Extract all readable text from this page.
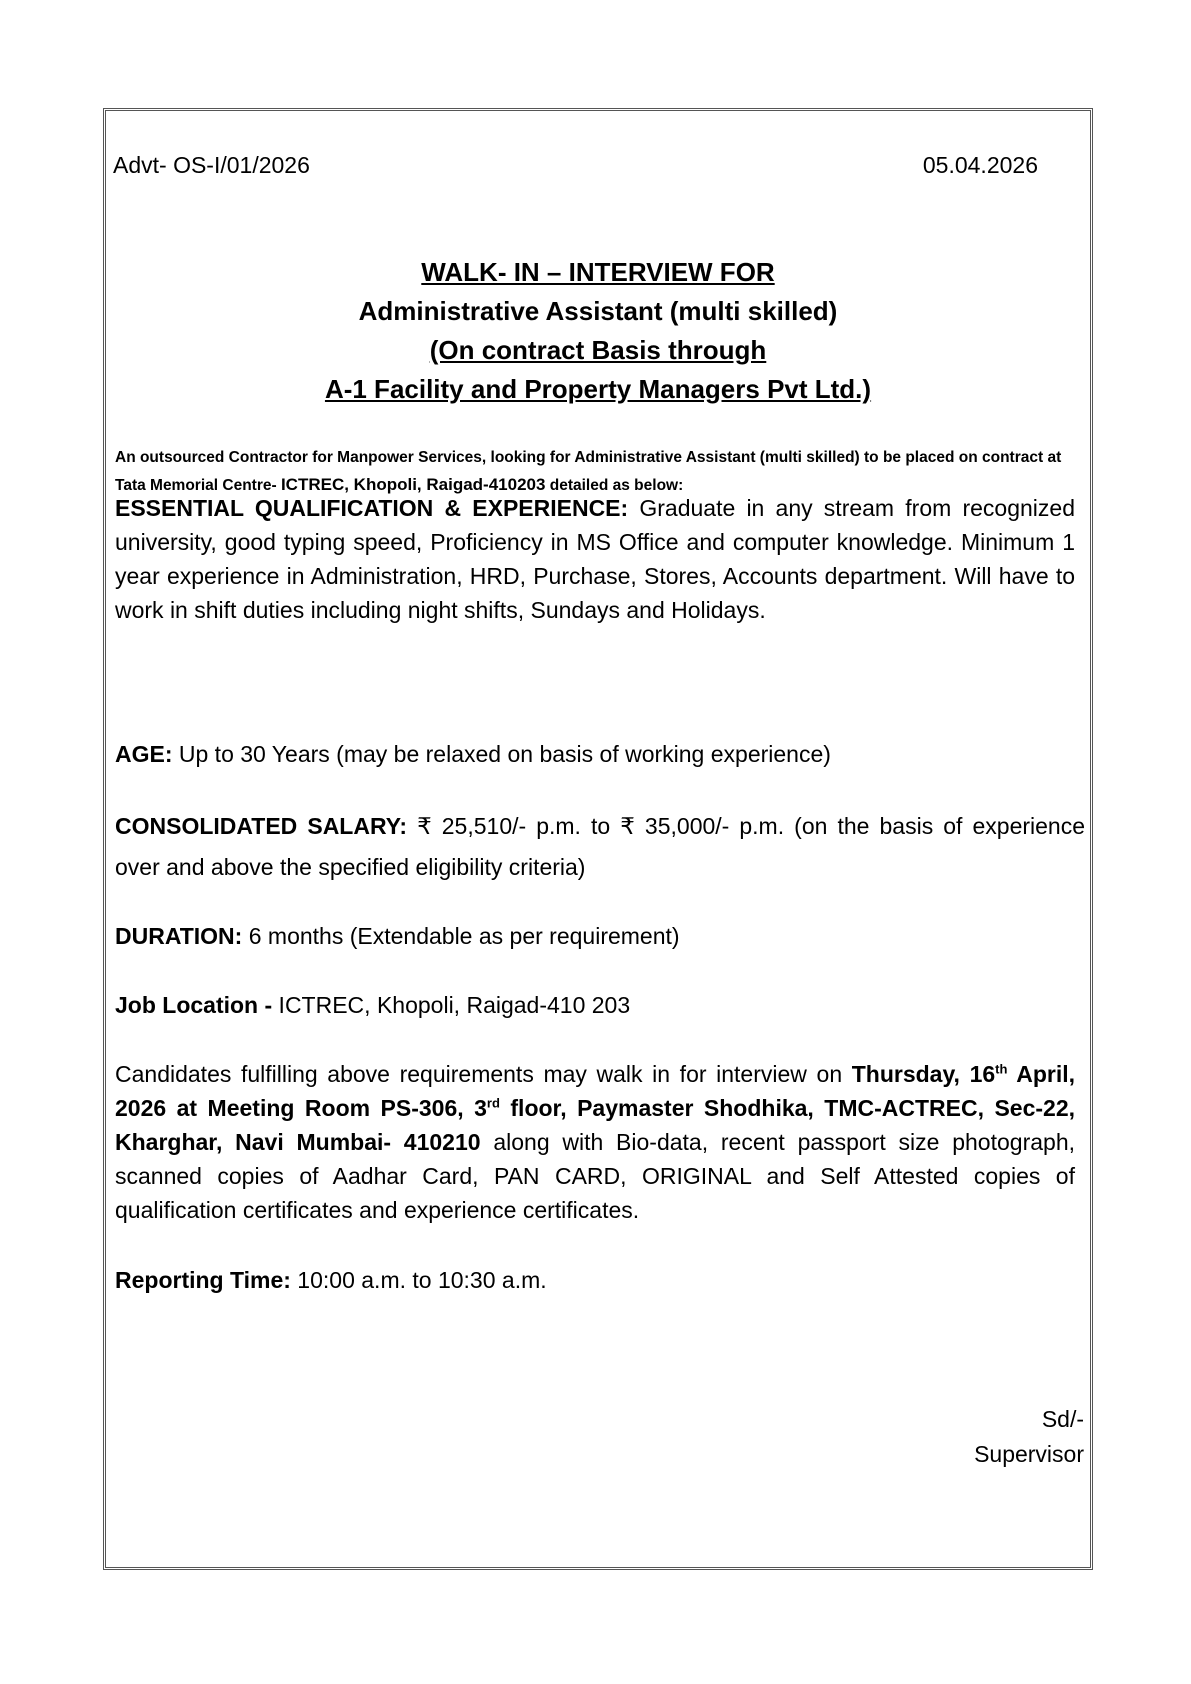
Advt- OS-I/01/2026	05.04.2026
WALK- IN – INTERVIEW FOR
Administrative Assistant (multi skilled)
(On contract Basis through
A-1 Facility and Property Managers Pvt Ltd.)

An outsourced Contractor for Manpower Services, looking for Administrative Assistant (multi skilled) to be placed on contract at Tata Memorial Centre- ICTREC, Khopoli, Raigad-410203 detailed as below:

ESSENTIAL QUALIFICATION & EXPERIENCE: Graduate in any stream from recognized university, good typing speed, Proficiency in MS Office and computer knowledge. Minimum 1 year experience in Administration, HRD, Purchase, Stores, Accounts department. Will have to work in shift duties including night shifts, Sundays and Holidays.

AGE: Up to 30 Years (may be relaxed on basis of working experience)

CONSOLIDATED SALARY: ₹ 25,510/- p.m. to ₹ 35,000/- p.m. (on the basis of experience over and above the specified eligibility criteria)

DURATION: 6 months (Extendable as per requirement)

Job Location - ICTREC, Khopoli, Raigad-410 203

Candidates fulfilling above requirements may walk in for interview on Thursday, 16th April, 2026 at Meeting Room PS-306, 3rd floor, Paymaster Shodhika, TMC-ACTREC, Sec-22, Kharghar, Navi Mumbai- 410210 along with Bio-data, recent passport size photograph, scanned copies of Aadhar Card, PAN CARD, ORIGINAL and Self Attested copies of qualification certificates and experience certificates.

Reporting Time: 10:00 a.m. to 10:30 a.m.

Sd/-
Supervisor
